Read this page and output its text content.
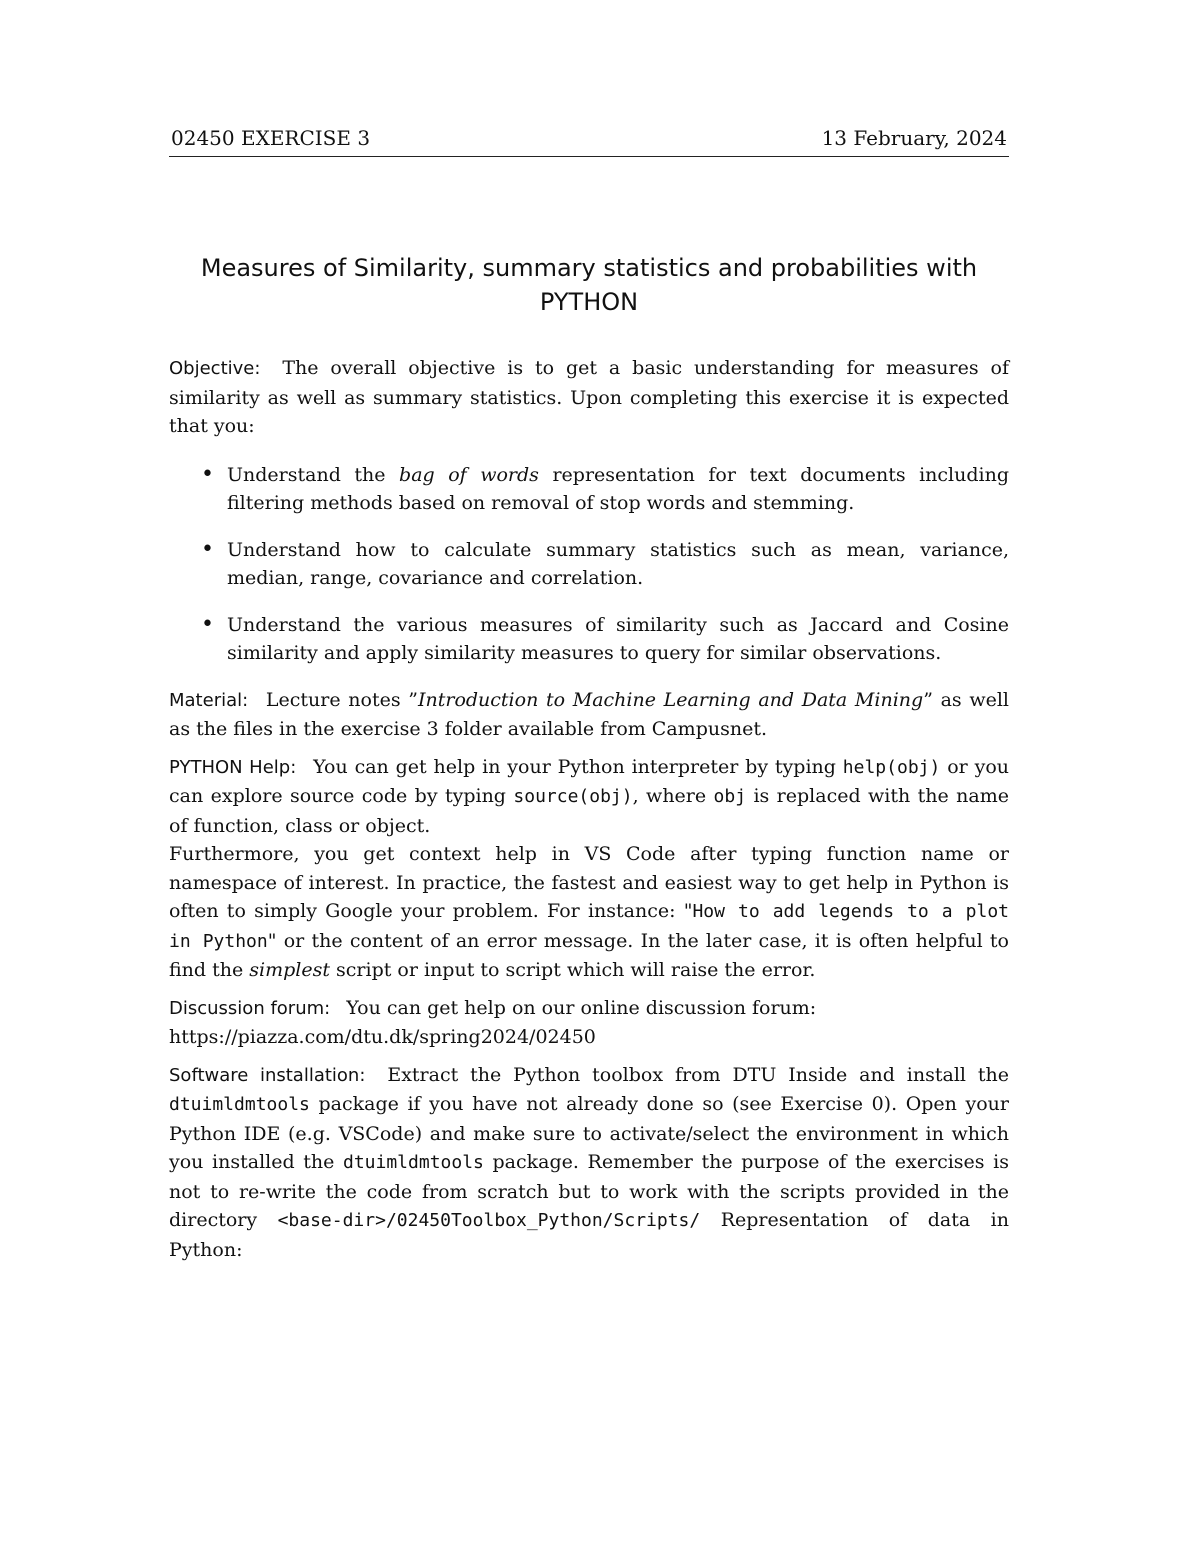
02450 EXERCISE 3	13 February, 2024
Measures of Similarity, summary statistics and probabilities with
PYTHON

Objective: The overall objective is to get a basic understanding for measures of similarity as well as summary statistics. Upon completing this exercise it is expected that you:

• Understand the bag of words representation for text documents including filtering methods based on removal of stop words and stemming.
• Understand how to calculate summary statistics such as mean, variance, median, range, covariance and correlation.
• Understand the various measures of similarity such as Jaccard and Cosine similarity and apply similarity measures to query for similar observations.

Material: Lecture notes ”Introduction to Machine Learning and Data Mining” as well as the files in the exercise 3 folder available from Campusnet.

PYTHON Help: You can get help in your Python interpreter by typing help(obj) or you can explore source code by typing source(obj), where obj is replaced with the name of function, class or object.

Furthermore, you get context help in VS Code after typing function name or namespace of interest. In practice, the fastest and easiest way to get help in Python is often to simply Google your problem. For instance: "How to add legends to a plot in Python" or the content of an error message. In the later case, it is often helpful to find the simplest script or input to script which will raise the error.

Discussion forum: You can get help on our online discussion forum:
https://piazza.com/dtu.dk/spring2024/02450

Software installation: Extract the Python toolbox from DTU Inside and install the dtuimldmtools package if you have not already done so (see Exercise 0). Open your Python IDE (e.g. VSCode) and make sure to activate/select the environment in which you installed the dtuimldmtools package. Remember the purpose of the exercises is not to re-write the code from scratch but to work with the scripts provided in the directory <base-dir>/02450Toolbox_Python/Scripts/ Representation of data in Python:
